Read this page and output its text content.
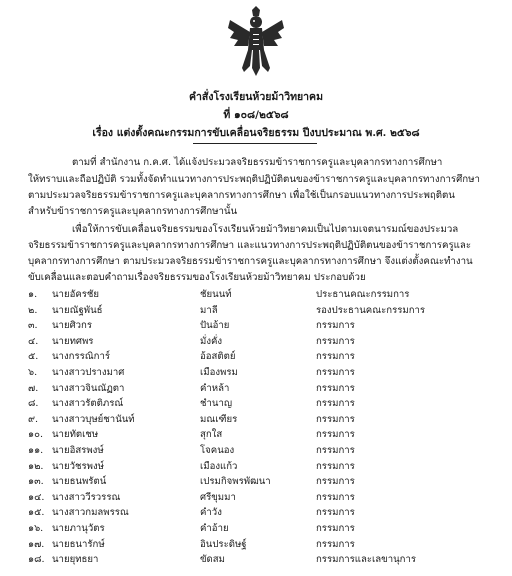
คำสั่งโรงเรียนห้วยม้าวิทยาคม
ที่ ๑๐๘/๒๕๖๘
เรื่อง แต่งตั้งคณะกรรมการขับเคลื่อนจริยธรรม ปีงบประมาณ พ.ศ. ๒๕๖๘
ตามที่ สำนักงาน ก.ค.ศ. ได้แจ้งประมวลจริยธรรมข้าราชการครูและบุคลากรทางการศึกษา
ให้ทราบและถือปฏิบัติ รวมทั้งจัดทำแนวทางการประพฤติปฏิบัติตนของข้าราชการครูและบุคลากรทางการศึกษา
ตามประมวลจริยธรรมข้าราชการครูและบุคลากรทางการศึกษา เพื่อใช้เป็นกรอบแนวทางการประพฤติตน
สำหรับข้าราชการครูและบุคลากรทางการศึกษานั้น
เพื่อให้การขับเคลื่อนจริยธรรมของโรงเรียนห้วยม้าวิทยาคมเป็นไปตามเจตนารมณ์ของประมวล
จริยธรรมข้าราชการครูและบุคลากรทางการศึกษา และแนวทางการประพฤติปฏิบัติตนของข้าราชการครูและ
บุคลากรทางการศึกษา ตามประมวลจริยธรรมข้าราชการครูและบุคลากรทางการศึกษา จึงแต่งตั้งคณะทำงาน
ขับเคลื่อนและตอบคำถามเรื่องจริยธรรมของโรงเรียนห้วยม้าวิทยาคม ประกอบด้วย
๑. นายอัครชัย	ชัยนนท์	ประธานคณะกรรมการ
๒. นายณัฐพันธ์	มาลี	รองประธานคณะกรรมการ
๓. นายศิวกร	ปันอ้าย	กรรมการ
๔. นายทศพร	มั่งคั่ง	กรรมการ
๕. นางกรรณิการ์	อ้อสติตย์	กรรมการ
๖. นางสาวปรางมาศ	เมืองพรม	กรรมการ
๗. นางสาวจินณัฏตา	คำหล้า	กรรมการ
๘. นางสาวรัตติภรณ์	ชำนาญ	กรรมการ
๙. นางสาวบุษย์ชานันท์	มณเฑียร	กรรมการ
๑๐. นายทัตเชษ	สุกใส	กรรมการ
๑๑. นายอิสรพงษ์	โจคนอง	กรรมการ
๑๒. นายวัชรพงษ์	เมืองแก้ว	กรรมการ
๑๓. นายธนพรัตน์	เปรมกิจพรพัฒนา	กรรมการ
๑๔. นางสาววีรวรรณ	ศรีขุมมา	กรรมการ
๑๕. นางสาวกมลพรรณ	คำวัง	กรรมการ
๑๖. นายภานุวัตร	คำอ้าย	กรรมการ
๑๗. นายธนารักษ์	อินประดิษฐ์	กรรมการ
๑๘. นายยุทธยา	ขัดสม	กรรมการและเลขานุการ
